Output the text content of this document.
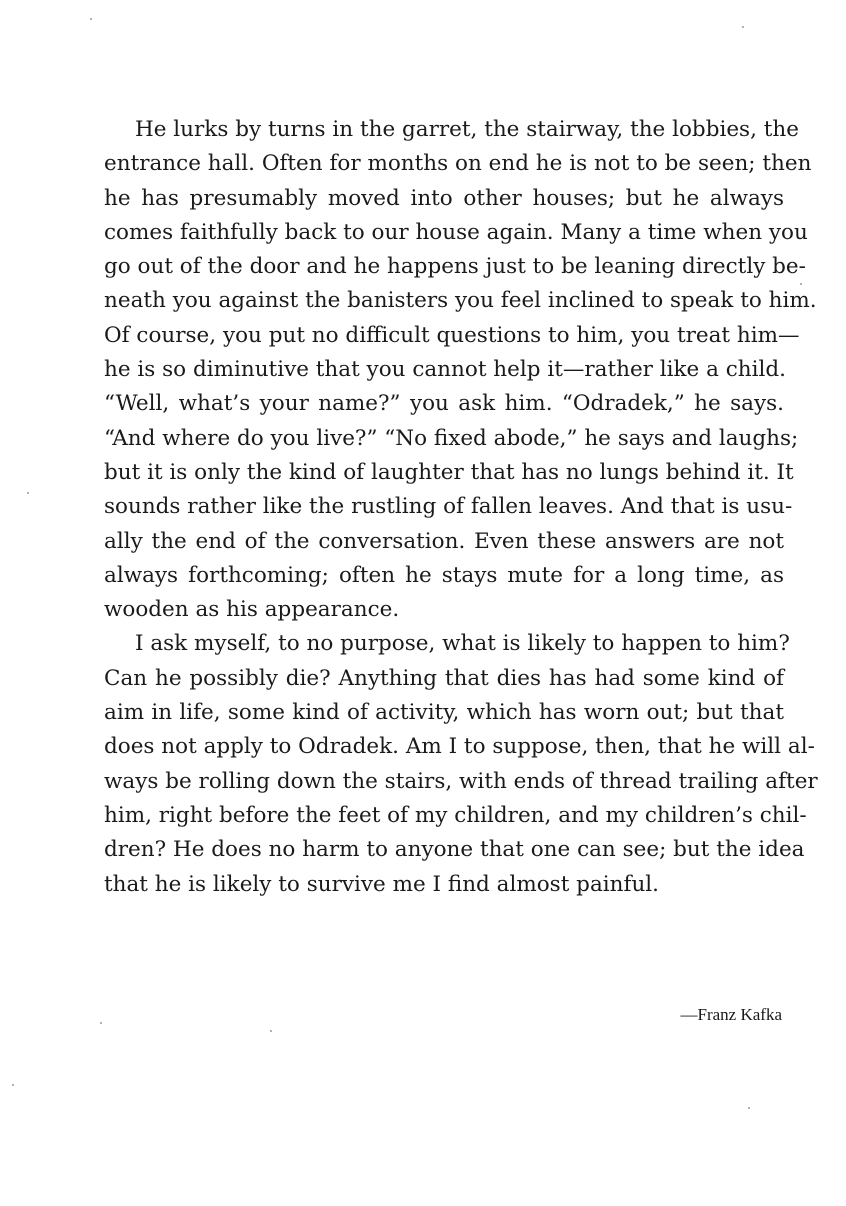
He lurks by turns in the garret, the stairway, the lobbies, the
entrance hall. Often for months on end he is not to be seen; then
he has presumably moved into other houses; but he always
comes faithfully back to our house again. Many a time when you
go out of the door and he happens just to be leaning directly be-
neath you against the banisters you feel inclined to speak to him.
Of course, you put no difficult questions to him, you treat him—
he is so diminutive that you cannot help it—rather like a child.
“Well, what’s your name?” you ask him. “Odradek,” he says.
“And where do you live?” “No fixed abode,” he says and laughs;
but it is only the kind of laughter that has no lungs behind it. It
sounds rather like the rustling of fallen leaves. And that is usu-
ally the end of the conversation. Even these answers are not
always forthcoming; often he stays mute for a long time, as
wooden as his appearance.
I ask myself, to no purpose, what is likely to happen to him?
Can he possibly die? Anything that dies has had some kind of
aim in life, some kind of activity, which has worn out; but that
does not apply to Odradek. Am I to suppose, then, that he will al-
ways be rolling down the stairs, with ends of thread trailing after
him, right before the feet of my children, and my children’s chil-
dren? He does no harm to anyone that one can see; but the idea
that he is likely to survive me I find almost painful.
—Franz Kafka
